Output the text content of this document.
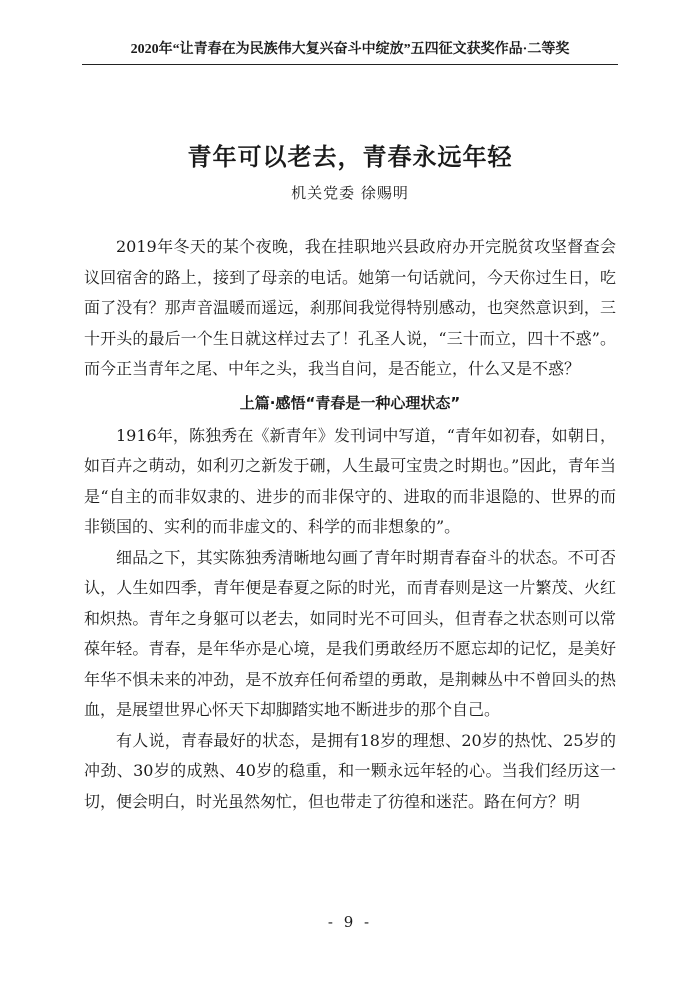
2020年“让青春在为民族伟大复兴奋斗中绽放”五四征文获奖作品·二等奖
青年可以老去，青春永远年轻
机关党委 徐赐明

2019年冬天的某个夜晚，我在挂职地兴县政府办开完脱贫攻坚督查会议回宿舍的路上，接到了母亲的电话。她第一句话就问，今天你过生日，吃面了没有？那声音温暖而遥远，刹那间我觉得特别感动，也突然意识到，三十开头的最后一个生日就这样过去了！孔圣人说，“三十而立，四十不惑”。而今正当青年之尾、中年之头，我当自问，是否能立，什么又是不惑？

上篇·感悟“青春是一种心理状态”

1916年，陈独秀在《新青年》发刊词中写道，“青年如初春，如朝日，如百卉之萌动，如利刃之新发于硎，人生最可宝贵之时期也。”因此，青年当是“自主的而非奴隶的、进步的而非保守的、进取的而非退隐的、世界的而非锁国的、实利的而非虚文的、科学的而非想象的”。

细品之下，其实陈独秀清晰地勾画了青年时期青春奋斗的状态。不可否认，人生如四季，青年便是春夏之际的时光，而青春则是这一片繁茂、火红和炽热。青年之身躯可以老去，如同时光不可回头，但青春之状态则可以常葆年轻。青春，是年华亦是心境，是我们勇敢经历不愿忘却的记忆，是美好年华不惧未来的冲劲，是不放弃任何希望的勇敢，是荆棘丛中不曾回头的热血，是展望世界心怀天下却脚踏实地不断进步的那个自己。

有人说，青春最好的状态，是拥有18岁的理想、20岁的热忱、25岁的冲劲、30岁的成熟、40岁的稳重，和一颗永远年轻的心。当我们经历这一切，便会明白，时光虽然匆忙，但也带走了彷徨和迷茫。路在何方？明

- 9 -
